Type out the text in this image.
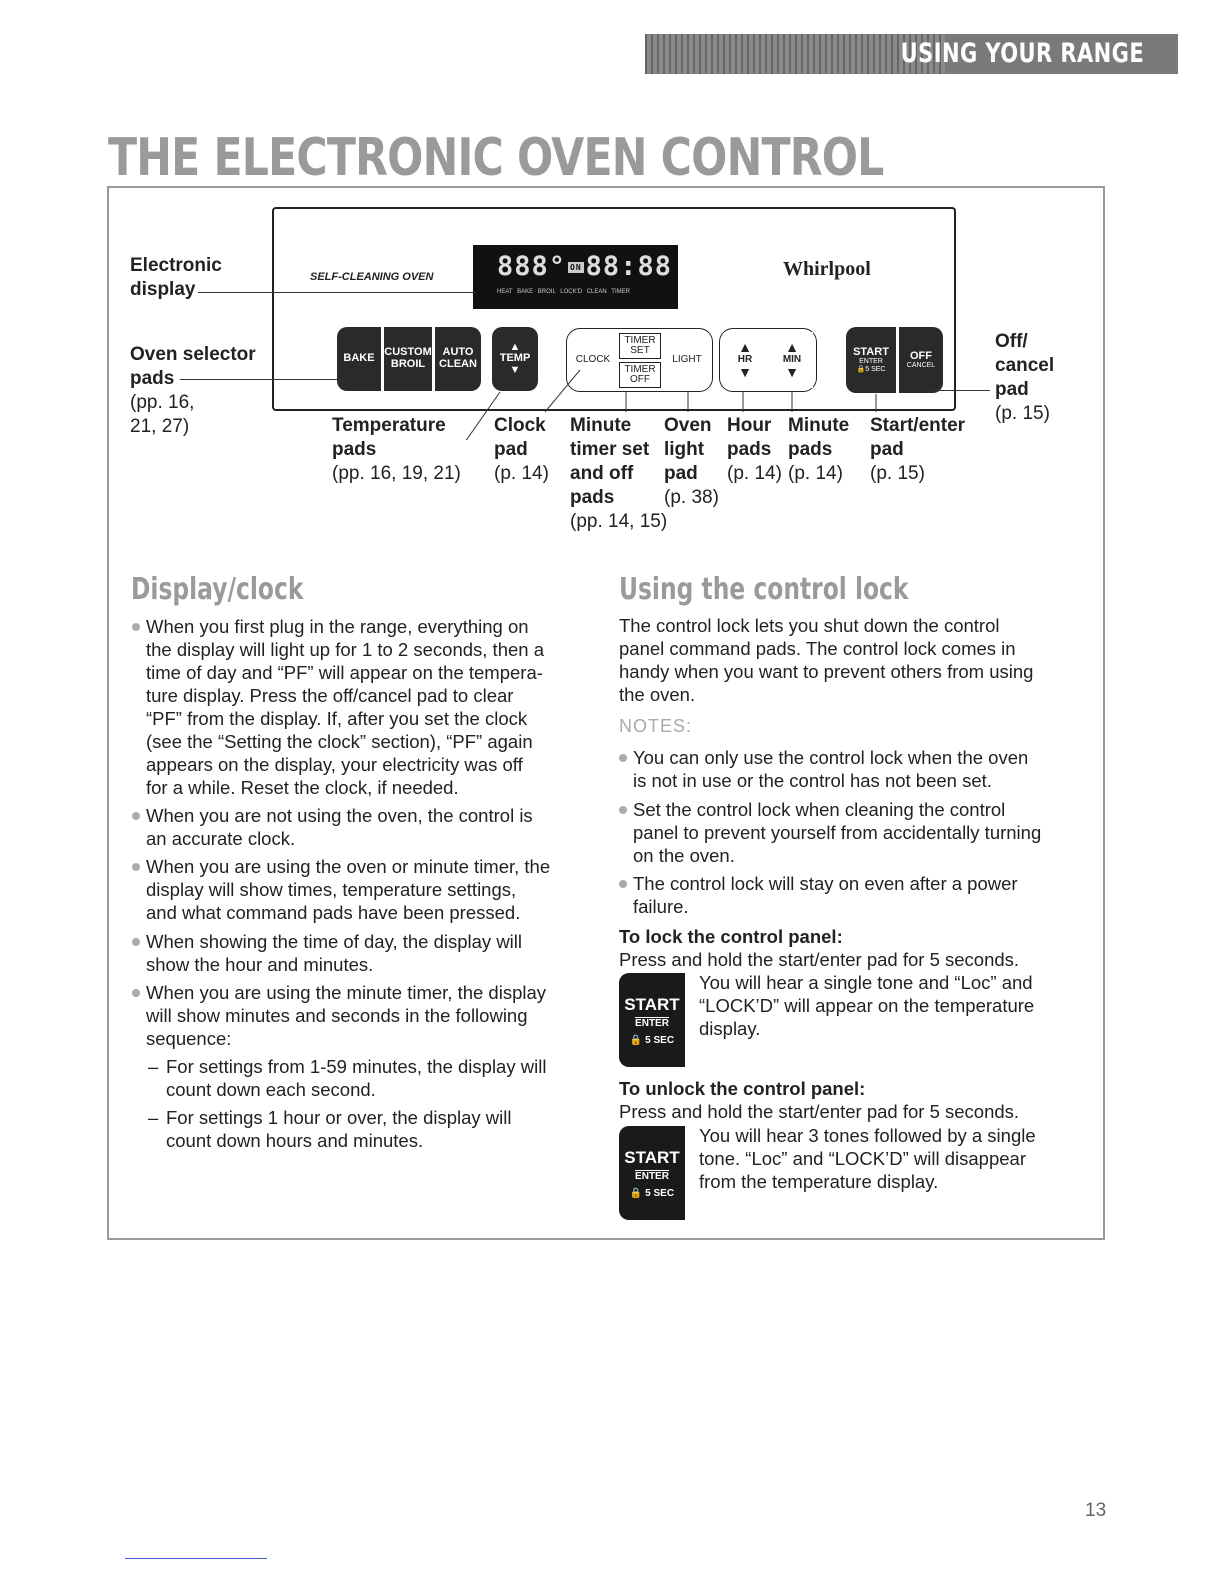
USING YOUR RANGE
THE ELECTRONIC OVEN CONTROL
SELF-CLEANING OVEN 888° ON 88:88
HEAT BAKE BROIL LOCK'D CLEAN TIMER
Whirlpool
BAKE CUSTOM
BROIL
AUTO
CLEAN
▲
TEMP
▼
CLOCK
TIMER
SET
TIMER
OFF
LIGHT
▲
HR
▼
▲
MIN
▼
START
ENTER
🔒5 SEC
OFF
CANCEL
Electronic
display
Oven selector
pads
(pp. 16,
21, 27)	Temperature
pads
(pp. 16, 19, 21)
Clock
pad
(p. 14)
Minute
timer set
and off
pads
(pp. 14, 15)
Oven
light
pad
(p. 38)
Hour
pads
(p. 14)
Minute
pads
(p. 14)
Start/enter
pad
(p. 15)
Off/
cancel
pad
(p. 15)
Display/clock
When you first plug in the range, everything on
the display will light up for 1 to 2 seconds, then a
time of day and “PF” will appear on the tempera-
ture display. Press the off/cancel pad to clear
“PF” from the display. If, after you set the clock
(see the “Setting the clock” section), “PF” again
appears on the display, your electricity was off
for a while. Reset the clock, if needed.
When you are not using the oven, the control is
an accurate clock.
When you are using the oven or minute timer, the
display will show times, temperature settings,
and what command pads have been pressed.
When showing the time of day, the display will
show the hour and minutes.
When you are using the minute timer, the display
will show minutes and seconds in the following
sequence:
– For settings from 1-59 minutes, the display will
count down each second.
– For settings 1 hour or over, the display will
count down hours and minutes.
Using the control lock
The control lock lets you shut down the control
panel command pads. The control lock comes in
handy when you want to prevent others from using
the oven.
NOTES:
You can only use the control lock when the oven
is not in use or the control has not been set.
Set the control lock when cleaning the control
panel to prevent yourself from accidentally turning
on the oven.
The control lock will stay on even after a power
failure.
To lock the control panel:
Press and hold the start/enter pad for 5 seconds.
START
ENTER
🔒 5 SEC
You will hear a single tone and “Loc” and
“LOCK’D” will appear on the temperature
display.
To unlock the control panel:
Press and hold the start/enter pad for 5 seconds.
START
ENTER
🔒 5 SEC
You will hear 3 tones followed by a single
tone. “Loc” and “LOCK’D” will disappear
from the temperature display.
13
